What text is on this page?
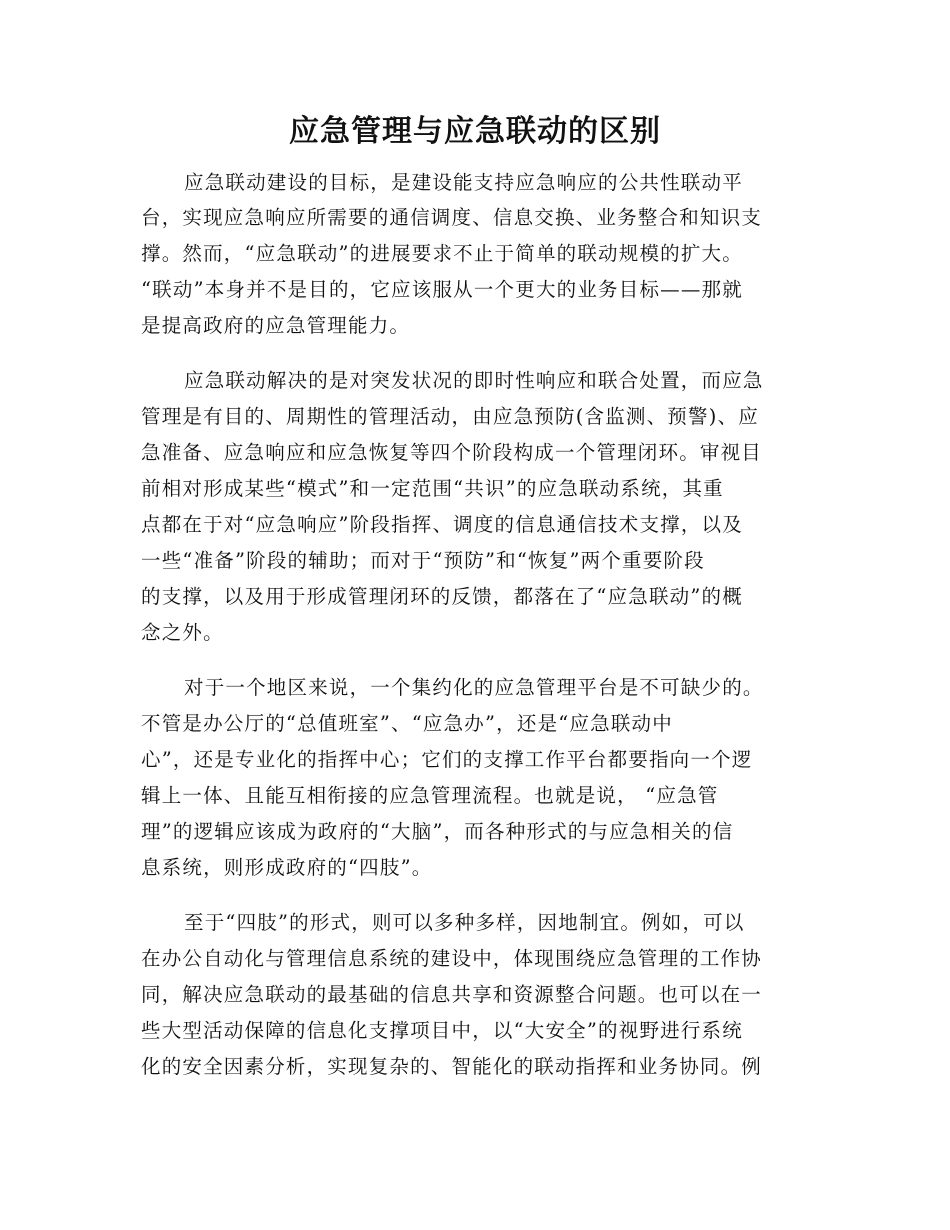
应急管理与应急联动的区别
应急联动建设的目标，是建设能支持应急响应的公共性联动平
台，实现应急响应所需要的通信调度、信息交换、业务整合和知识支
撑。然而，“应急联动”的进展要求不止于简单的联动规模的扩大。
“联动”本身并不是目的，它应该服从一个更大的业务目标——那就
是提高政府的应急管理能力。
应急联动解决的是对突发状况的即时性响应和联合处置，而应急
管理是有目的、周期性的管理活动，由应急预防(含监测、预警)、应
急准备、应急响应和应急恢复等四个阶段构成一个管理闭环。审视目
前相对形成某些“模式”和一定范围“共识”的应急联动系统，其重
点都在于对“应急响应”阶段指挥、调度的信息通信技术支撑，以及
一些“准备”阶段的辅助；而对于“预防”和“恢复”两个重要阶段
的支撑，以及用于形成管理闭环的反馈，都落在了“应急联动”的概
念之外。
对于一个地区来说，一个集约化的应急管理平台是不可缺少的。
不管是办公厅的“总值班室”、“应急办”，还是“应急联动中
心”，还是专业化的指挥中心；它们的支撑工作平台都要指向一个逻
辑上一体、且能互相衔接的应急管理流程。也就是说， “应急管
理”的逻辑应该成为政府的“大脑”，而各种形式的与应急相关的信
息系统，则形成政府的“四肢”。
至于“四肢”的形式，则可以多种多样，因地制宜。例如，可以
在办公自动化与管理信息系统的建设中，体现围绕应急管理的工作协
同，解决应急联动的最基础的信息共享和资源整合问题。也可以在一
些大型活动保障的信息化支撑项目中，以“大安全”的视野进行系统
化的安全因素分析，实现复杂的、智能化的联动指挥和业务协同。例
